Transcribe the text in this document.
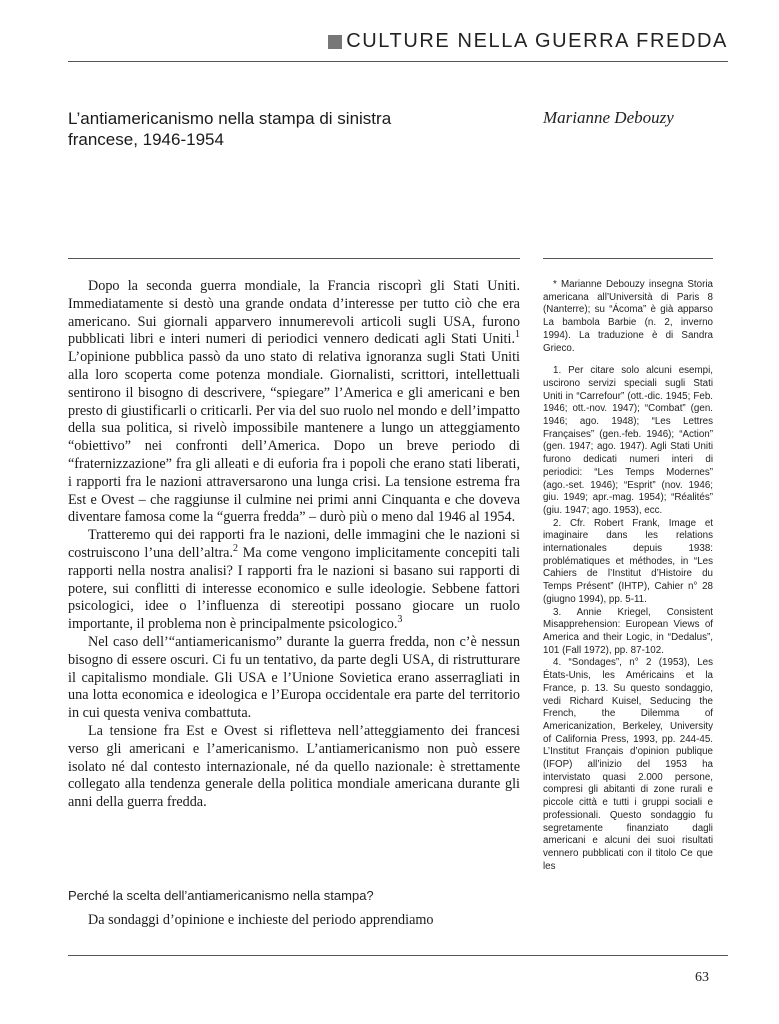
CULTURE NELLA GUERRA FREDDA
L’antiamericanismo nella stampa di sinistra francese, 1946-1954
Marianne Debouzy

Dopo la seconda guerra mondiale, la Francia riscoprì gli Stati Uniti. Immediatamente si destò una grande ondata d’interesse per tutto ciò che era americano. Sui giornali apparvero innumerevoli articoli sugli USA, furono pubblicati libri e interi numeri di periodici vennero dedicati agli Stati Uniti.$^1$ L’opinione pubblica passò da uno stato di relativa ignoranza sugli Stati Uniti alla loro scoperta come potenza mondiale. Giornalisti, scrittori, intellettuali sentirono il bisogno di descrivere, “spiegare” l’America e gli americani e ben presto di giustificarli o criticarli. Per via del suo ruolo nel mondo e dell’impatto della sua politica, si rivelò impossibile mantenere a lungo un atteggiamento “obiettivo” nei confronti dell’America. Dopo un breve periodo di “fraternizzazione” fra gli alleati e di euforia fra i popoli che erano stati liberati, i rapporti fra le nazioni attraversarono una lunga crisi. La tensione estrema fra Est e Ovest – che raggiunse il culmine nei primi anni Cinquanta e che doveva diventare famosa come la “guerra fredda” – durò più o meno dal 1946 al 1954.

Tratteremo qui dei rapporti fra le nazioni, delle immagini che le nazioni si costruiscono l’una dell’altra.$^2$ Ma come vengono implicitamente concepiti tali rapporti nella nostra analisi? I rapporti fra le nazioni si basano sui rapporti di potere, sui conflitti di interesse economico e sulle ideologie. Sebbene fattori psicologici, idee o l’influenza di stereotipi possano giocare un ruolo importante, il problema non è principalmente psicologico.$^3$

Nel caso dell’“antiamericanismo” durante la guerra fredda, non c’è nessun bisogno di essere oscuri. Ci fu un tentativo, da parte degli USA, di ristrutturare il capitalismo mondiale. Gli USA e l’Unione Sovietica erano asserragliati in una lotta economica e ideologica e l’Europa occidentale era parte del territorio in cui questa veniva combattuta.

La tensione fra Est e Ovest si rifletteva nell’atteggiamento dei francesi verso gli americani e l’americanismo. L’antiamericanismo non può essere isolato né dal contesto internazionale, né da quello nazionale: è strettamente collegato alla tendenza generale della politica mondiale americana durante gli anni della guerra fredda.

Perché la scelta dell’antiamericanismo nella stampa?

Da sondaggi d’opinione e inchieste del periodo apprendiamo

* Marianne Debouzy insegna Storia americana all’Università di Paris 8 (Nanterre); su “Ácoma” è già apparso La bambola Barbie (n. 2, inverno 1994). La traduzione è di Sandra Grieco.

1. Per citare solo alcuni esempi, uscirono servizi speciali sugli Stati Uniti in “Carrefour” (ott.-dic. 1945; Feb. 1946; ott.-nov. 1947); “Combat” (gen. 1946; ago. 1948); “Les Lettres Françaises” (gen.-feb. 1946); “Action” (gen. 1947; ago. 1947). Agli Stati Uniti furono dedicati numeri interi di periodici: “Les Temps Modernes” (ago.-set. 1946); “Esprit” (nov. 1946; giu. 1949; apr.-mag. 1954); “Réalités” (giu. 1947; ago. 1953), ecc.

2. Cfr. Robert Frank, Image et imaginaire dans les relations internationales depuis 1938: problématiques et méthodes, in “Les Cahiers de l’Institut d’Histoire du Temps Présent” (IHTP), Cahier n° 28 (giugno 1994), pp. 5-11.

3. Annie Kriegel, Consistent Misapprehension: European Views of America and their Logic, in “Dedalus”, 101 (Fall 1972), pp. 87-102.

4. “Sondages”, n° 2 (1953), Les États-Unis, les Américains et la France, p. 13. Su questo sondaggio, vedi Richard Kuisel, Seducing the French, the Dilemma of Americanization, Berkeley, University of California Press, 1993, pp. 244-45. L’Institut Français d’opinion publique (IFOP) all’inizio del 1953 ha intervistato quasi 2.000 persone, compresi gli abitanti di zone rurali e piccole città e tutti i gruppi sociali e professionali. Questo sondaggio fu segretamente finanziato dagli americani e alcuni dei suoi risultati vennero pubblicati con il titolo Ce que les

63
